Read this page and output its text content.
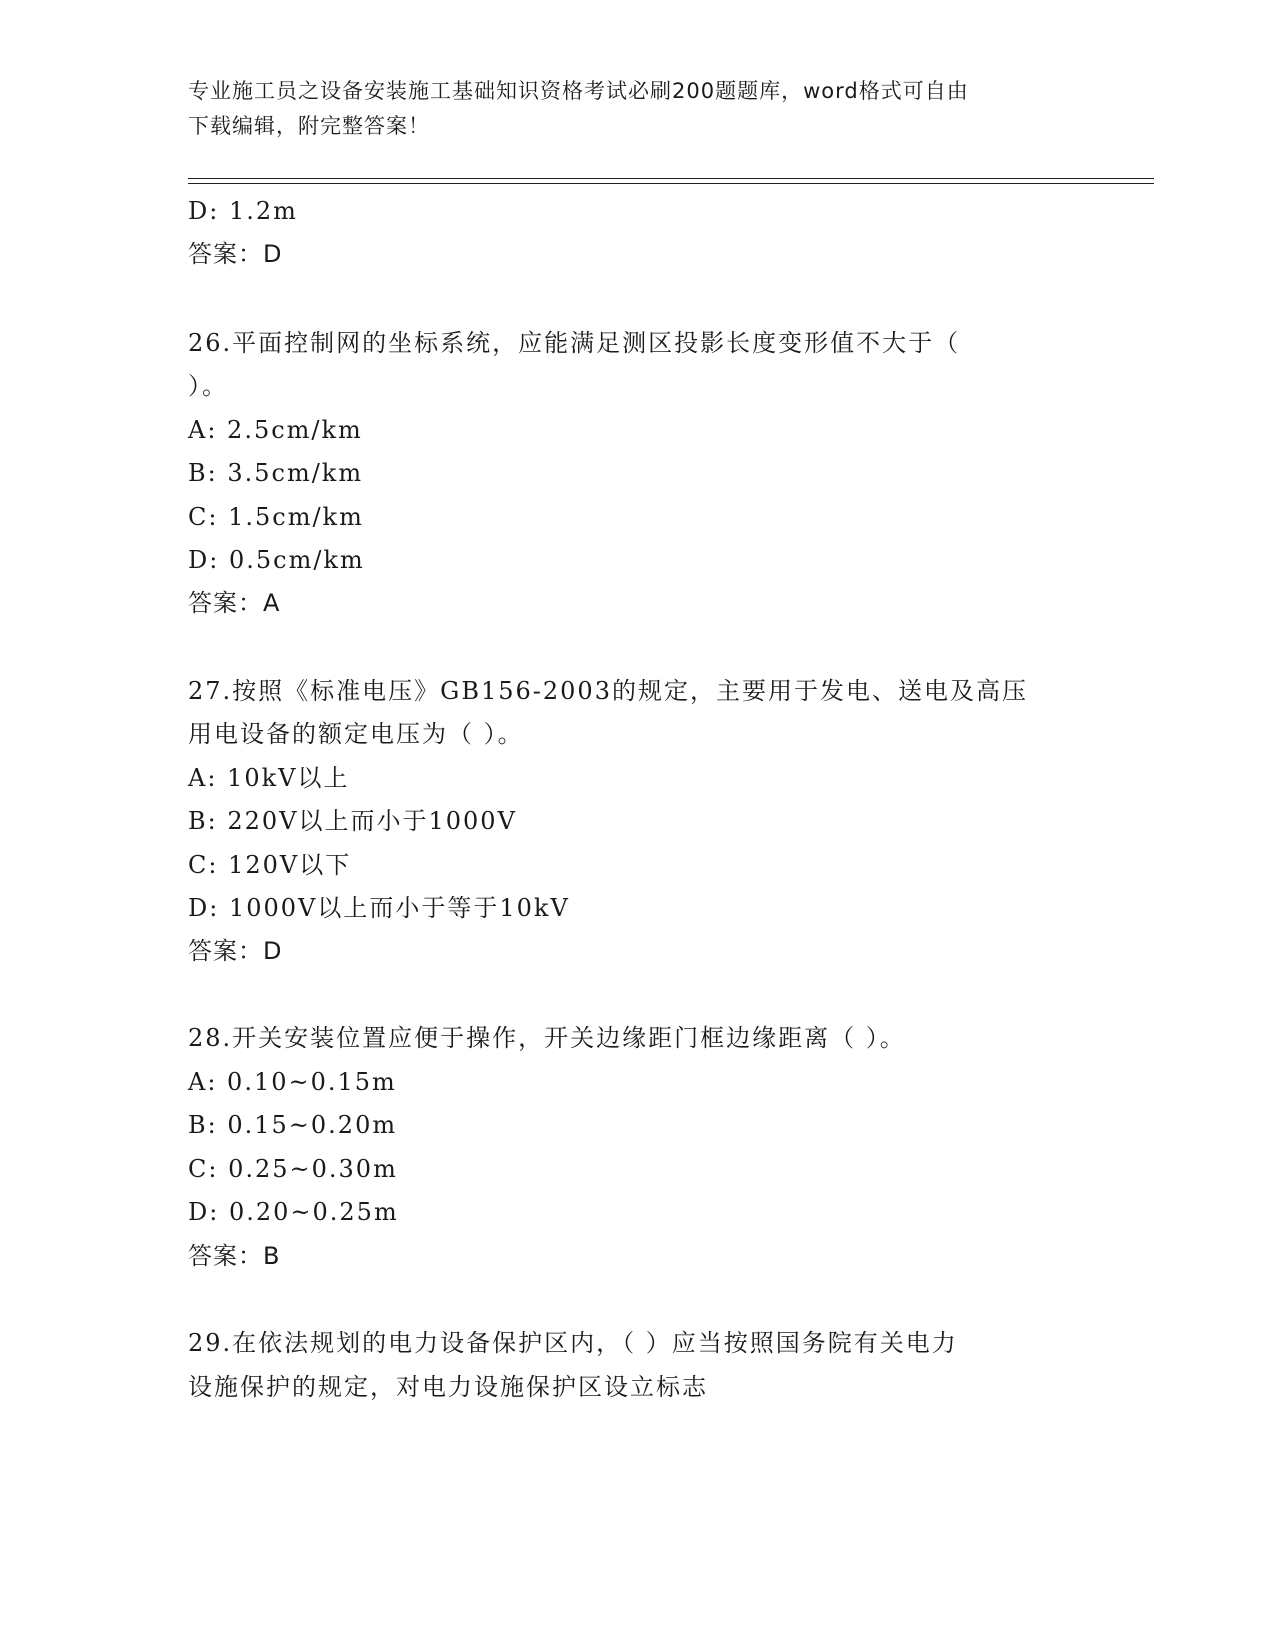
专业施工员之设备安装施工基础知识资格考试必刷200题题库，word格式可自由
下载编辑，附完整答案！
D: 1.2m
答案：D
26.平面控制网的坐标系统，应能满足测区投影长度变形值不大于（
）。
A: 2.5cm/km
B: 3.5cm/km
C: 1.5cm/km
D: 0.5cm/km
答案：A
27.按照《标准电压》GB156-2003的规定，主要用于发电、送电及高压
用电设备的额定电压为（ ）。
A: 10kV以上
B: 220V以上而小于1000V
C: 120V以下
D: 1000V以上而小于等于10kV
答案：D
28.开关安装位置应便于操作，开关边缘距门框边缘距离（ ）。
A: 0.10~0.15m
B: 0.15~0.20m
C: 0.25~0.30m
D: 0.20~0.25m
答案：B
29.在依法规划的电力设备保护区内，（ ）应当按照国务院有关电力
设施保护的规定，对电力设施保护区设立标志
